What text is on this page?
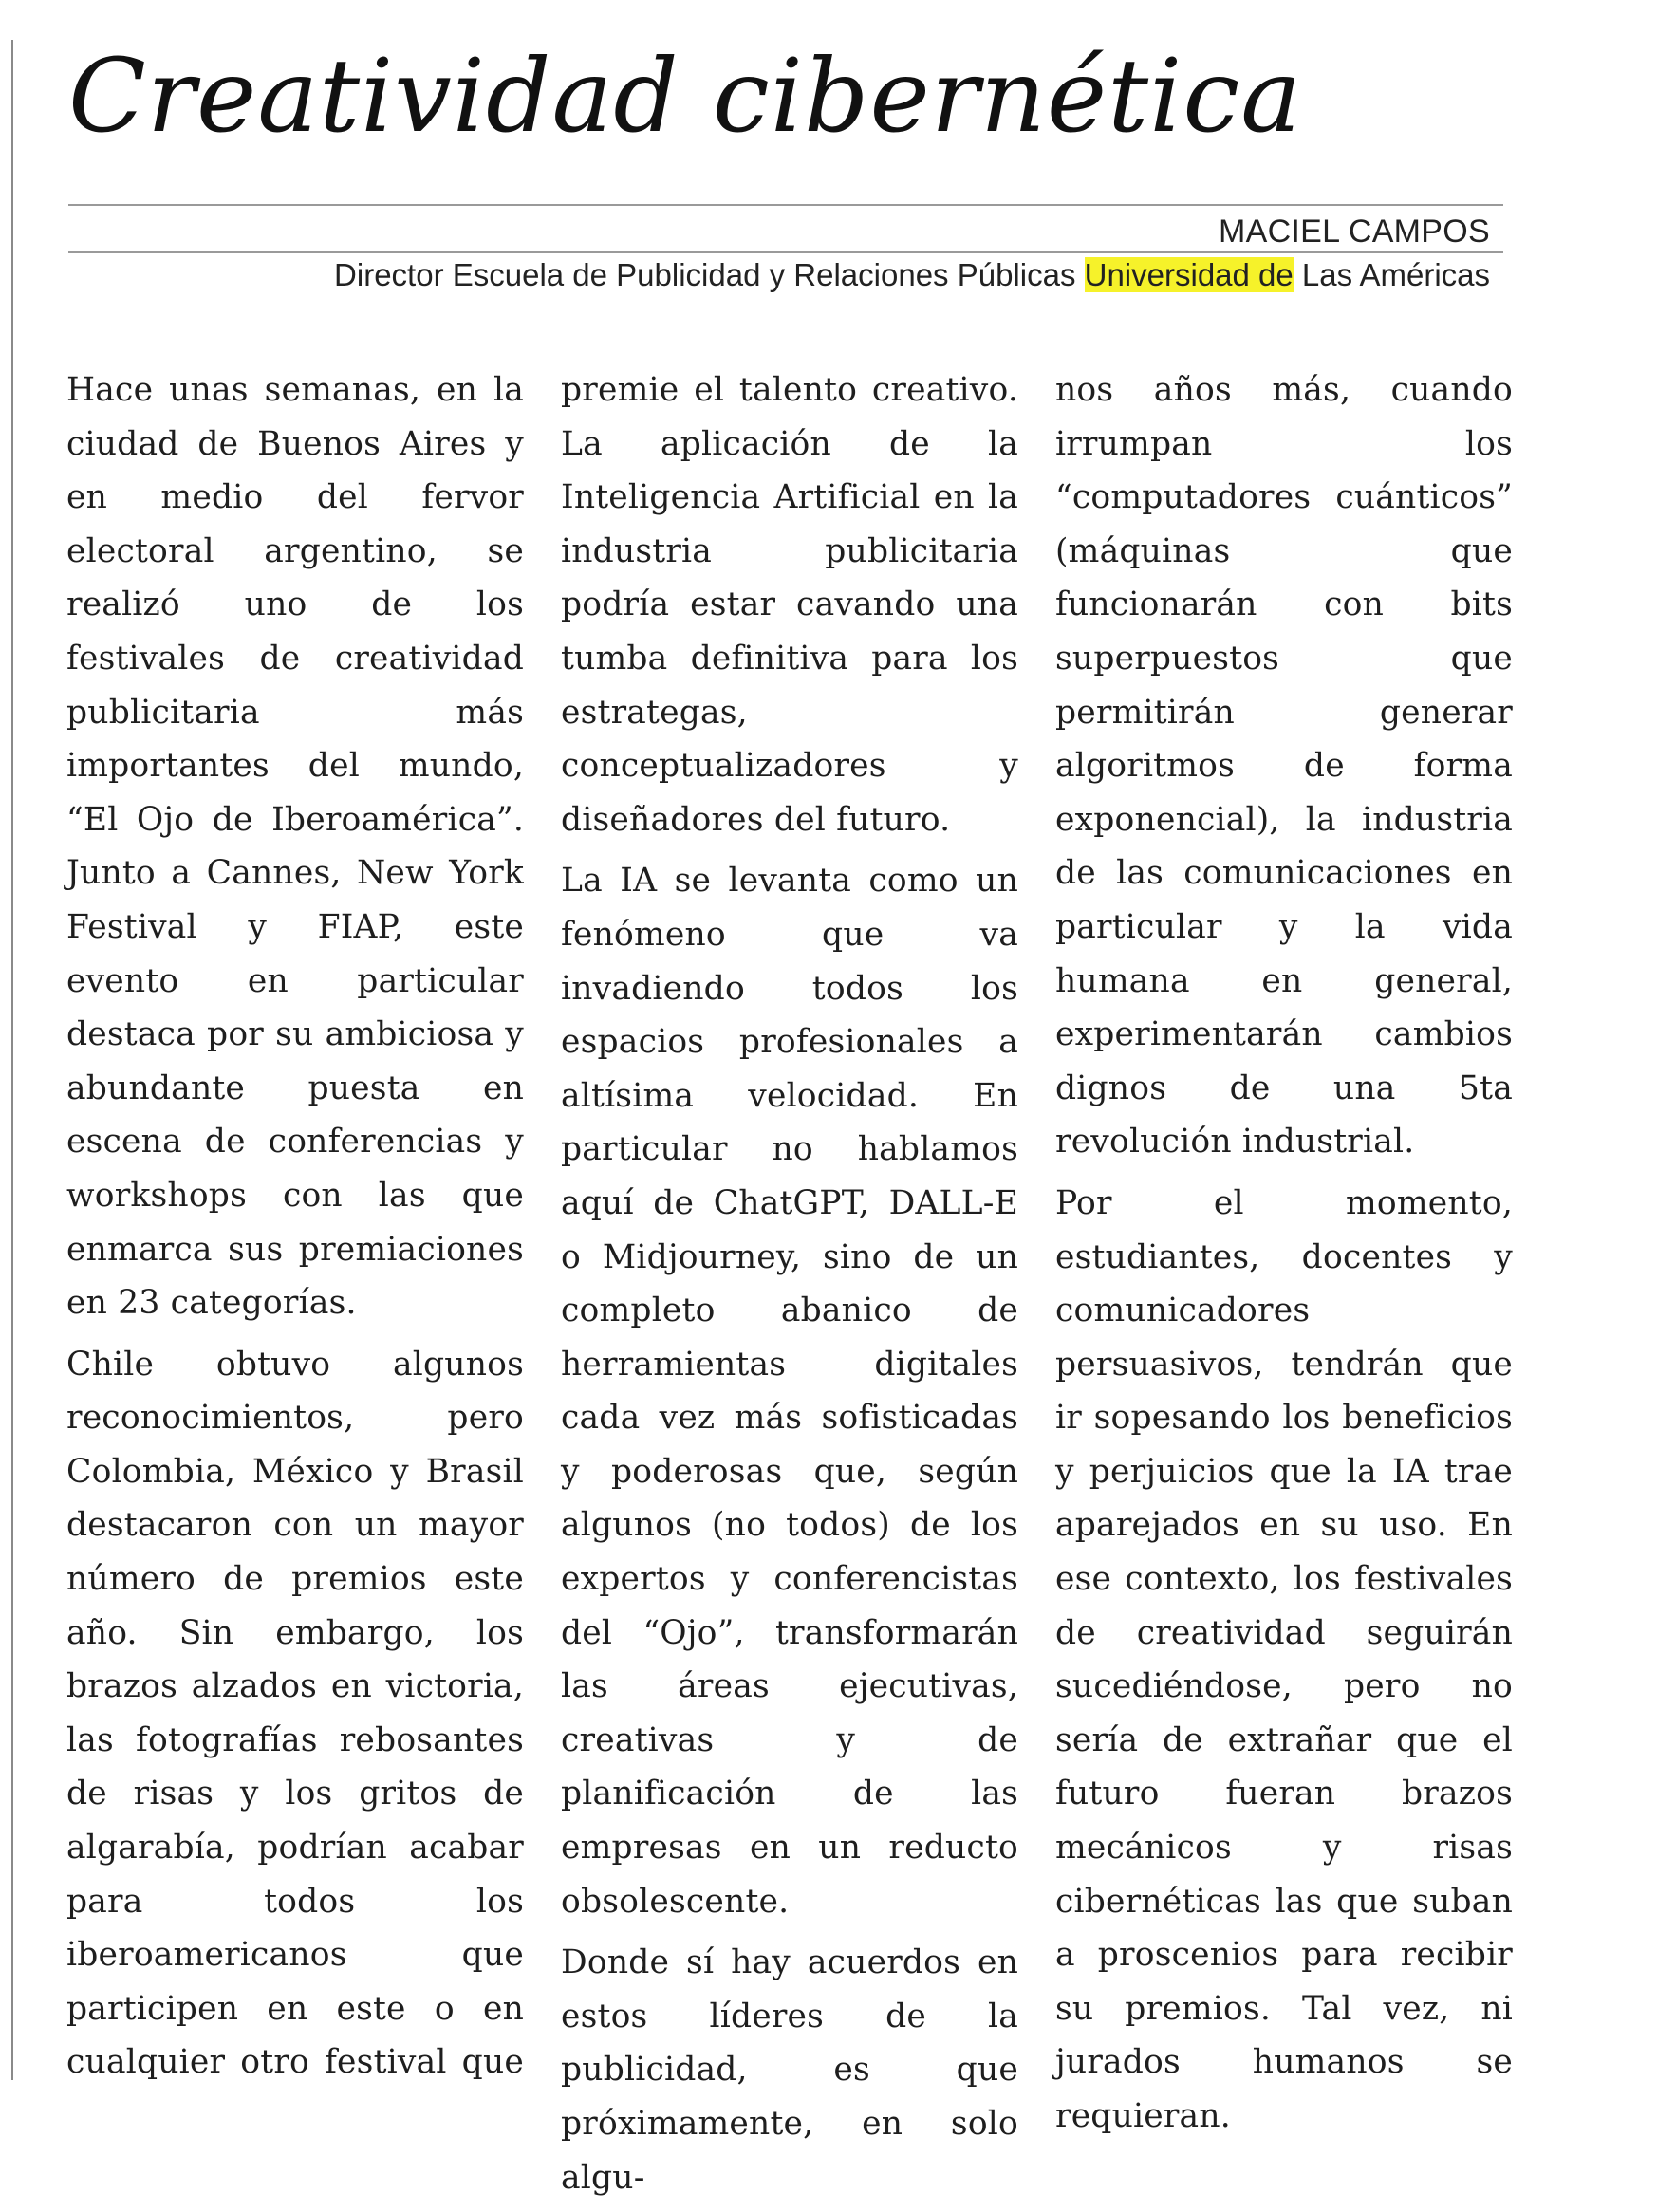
Creatividad cibernética
MACIEL CAMPOS
Director Escuela de Publicidad y Relaciones Públicas Universidad de Las Américas

Hace unas semanas, en la ciudad de Buenos Aires y en medio del fervor electoral argentino, se realizó uno de los festivales de creatividad publicitaria más importantes del mundo, “El Ojo de Iberoamérica”. Junto a Cannes, New York Festival y FIAP, este evento en particular destaca por su ambiciosa y abundante puesta en escena de conferencias y workshops con las que enmarca sus premiaciones en 23 categorías.

Chile obtuvo algunos reconocimientos, pero Colombia, México y Brasil destacaron con un mayor número de premios este año. Sin embargo, los brazos alzados en victoria, las fotografías rebosantes de risas y los gritos de algarabía, podrían acabar para todos los iberoamericanos que participen en este o en cualquier otro festival que

premie el talento creativo. La aplicación de la Inteligencia Artificial en la industria publicitaria podría estar cavando una tumba definitiva para los estrategas, conceptualizadores y diseñadores del futuro.

La IA se levanta como un fenómeno que va invadiendo todos los espacios profesionales a altísima velocidad. En particular no hablamos aquí de ChatGPT, DALL-E o Midjourney, sino de un completo abanico de herramientas digitales cada vez más sofisticadas y poderosas que, según algunos (no todos) de los expertos y conferencistas del “Ojo”, transformarán las áreas ejecutivas, creativas y de planificación de las empresas en un reducto obsolescente.

Donde sí hay acuerdos en estos líderes de la publicidad, es que próximamente, en solo algu-

nos años más, cuando irrumpan los “computadores cuánticos” (máquinas que funcionarán con bits superpuestos que permitirán generar algoritmos de forma exponencial), la industria de las comunicaciones en particular y la vida humana en general, experimentarán cambios dignos de una 5ta revolución industrial.

Por el momento, estudiantes, docentes y comunicadores persuasivos, tendrán que ir sopesando los beneficios y perjuicios que la IA trae aparejados en su uso. En ese contexto, los festivales de creatividad seguirán sucediéndose, pero no sería de extrañar que el futuro fueran brazos mecánicos y risas cibernéticas las que suban a proscenios para recibir su premios. Tal vez, ni jurados humanos se requieran.
